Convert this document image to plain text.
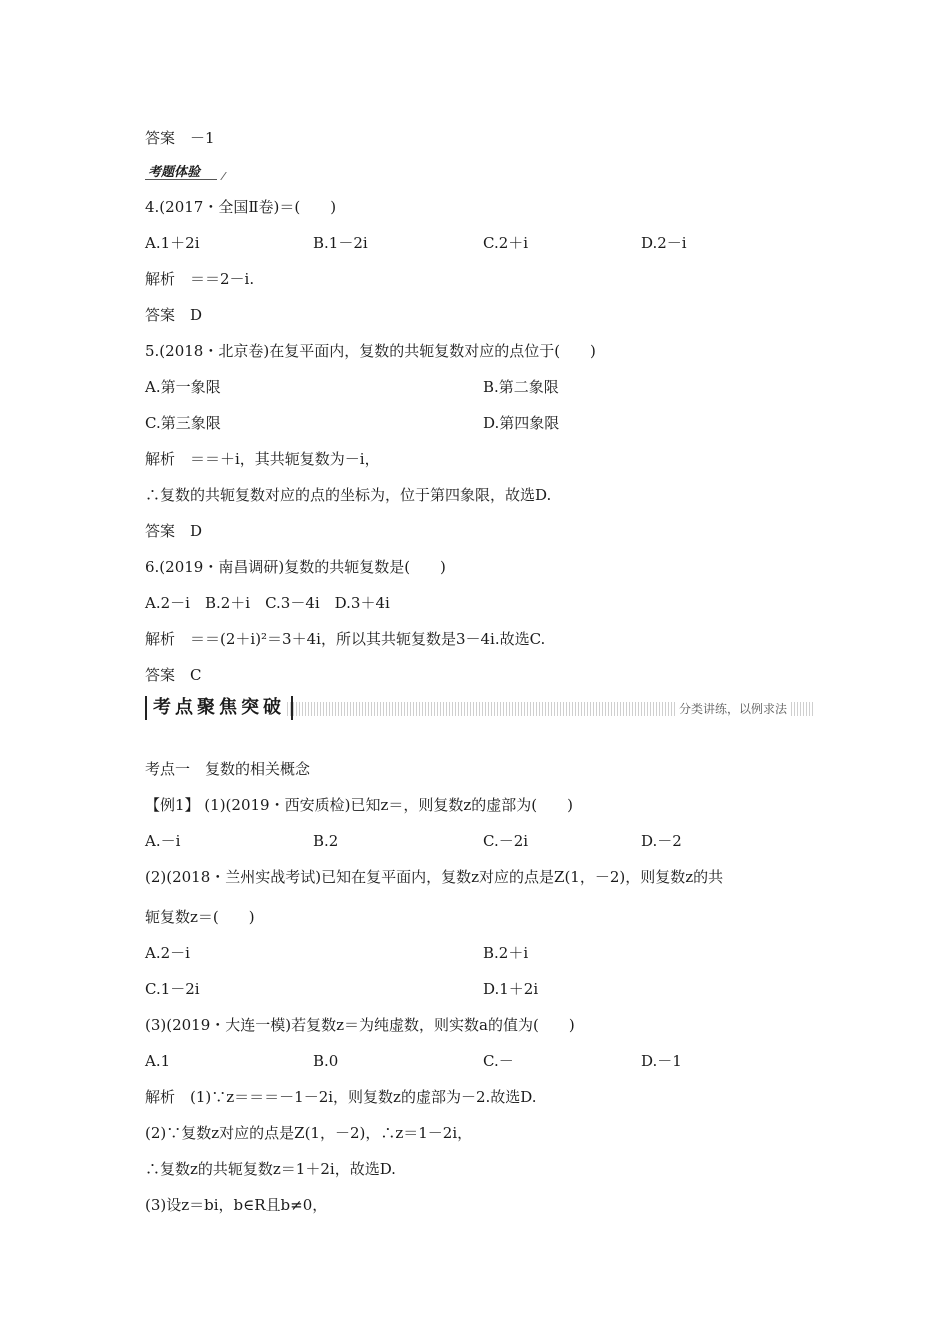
答案　－1
考题体验
4.(2017・全国Ⅱ卷)＝(　　)
A.1＋2i	B.1－2i	C.2＋i	D.2－i
解析　＝＝2－i.
答案　D
5.(2018・北京卷)在复平面内，复数的共轭复数对应的点位于(　　)
A.第一象限	B.第二象限
C.第三象限	D.第四象限
解析　＝＝＋i，其共轭复数为－i，
∴复数的共轭复数对应的点的坐标为，位于第四象限，故选D.
答案　D
6.(2019・南昌调研)复数的共轭复数是(　　)
A.2－i　B.2＋i　C.3－4i　D.3＋4i
解析　＝＝(2＋i)²＝3＋4i，所以其共轭复数是3－4i.故选C.
答案　C
考点聚焦突破	分类讲练，以例求法
考点一　复数的相关概念
【例1】 (1)(2019・西安质检)已知z＝，则复数z的虚部为(　　)
A.－i	B.2	C.－2i	D.－2
(2)(2018・兰州实战考试)已知在复平面内，复数z对应的点是Z(1，－2)，则复数z的共
轭复数z＝(　　)
A.2－i	B.2＋i
C.1－2i	D.1＋2i
(3)(2019・大连一模)若复数z＝为纯虚数，则实数a的值为(　　)
A.1	B.0	C.－	D.－1
解析　(1)∵z＝＝＝－1－2i，则复数z的虚部为－2.故选D.
(2)∵复数z对应的点是Z(1，－2)，∴z＝1－2i，
∴复数z的共轭复数z＝1＋2i，故选D.
(3)设z＝bi，b∈R且b≠0，
